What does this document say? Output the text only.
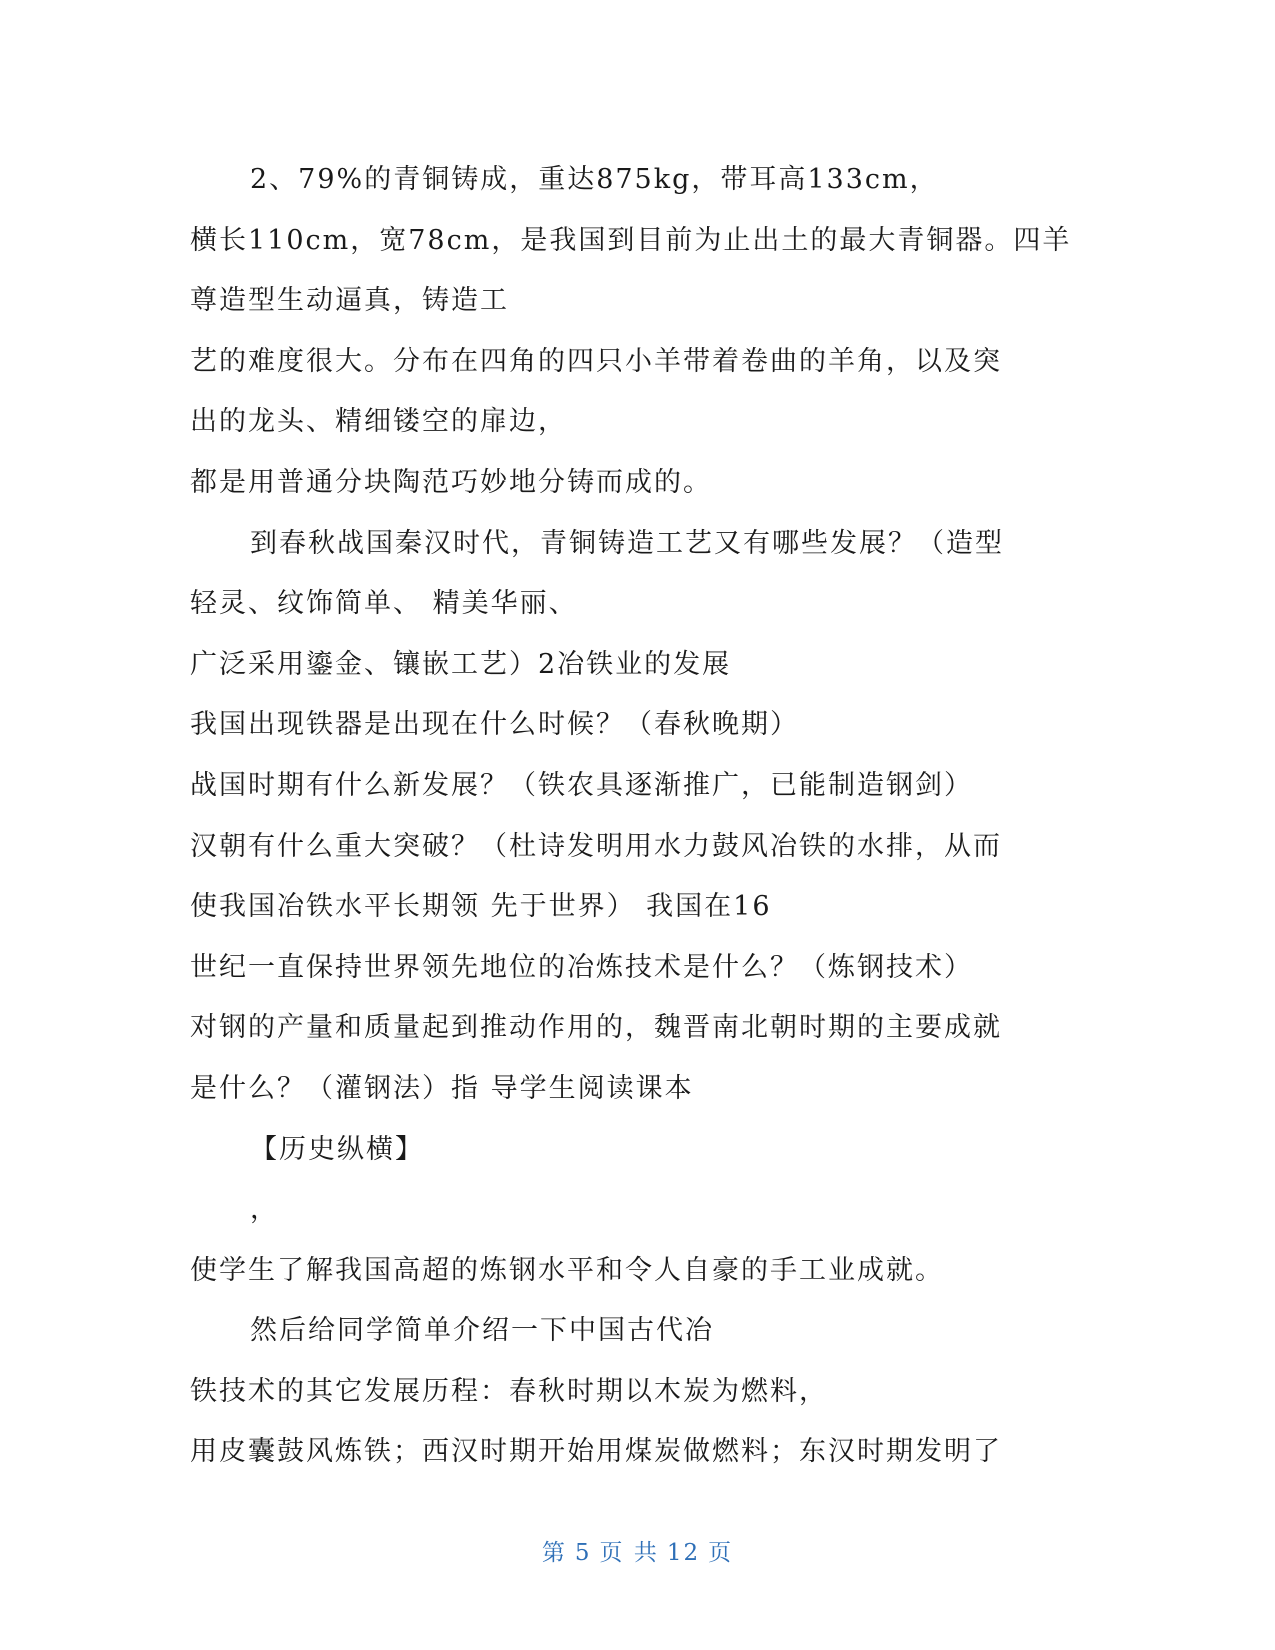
2、79%的青铜铸成，重达875kg，带耳高133cm，
横长110cm，宽78cm，是我国到目前为止出土的最大青铜器。四羊
尊造型生动逼真，铸造工
艺的难度很大。分布在四角的四只小羊带着卷曲的羊角，以及突
出的龙头、精细镂空的扉边，
都是用普通分块陶范巧妙地分铸而成的。
到春秋战国秦汉时代，青铜铸造工艺又有哪些发展？（造型
轻灵、纹饰简单、 精美华丽、
广泛采用鎏金、镶嵌工艺）2冶铁业的发展
我国出现铁器是出现在什么时候？（春秋晚期）
战国时期有什么新发展？（铁农具逐渐推广，已能制造钢剑）
汉朝有什么重大突破？（杜诗发明用水力鼓风冶铁的水排，从而
使我国冶铁水平长期领 先于世界） 我国在16
世纪一直保持世界领先地位的冶炼技术是什么？（炼钢技术）
对钢的产量和质量起到推动作用的，魏晋南北朝时期的主要成就
是什么？（灌钢法）指 导学生阅读课本
【历史纵横】
，
使学生了解我国高超的炼钢水平和令人自豪的手工业成就。
然后给同学简单介绍一下中国古代冶
铁技术的其它发展历程：春秋时期以木炭为燃料，
用皮囊鼓风炼铁；西汉时期开始用煤炭做燃料；东汉时期发明了
第 5 页 共 12 页
